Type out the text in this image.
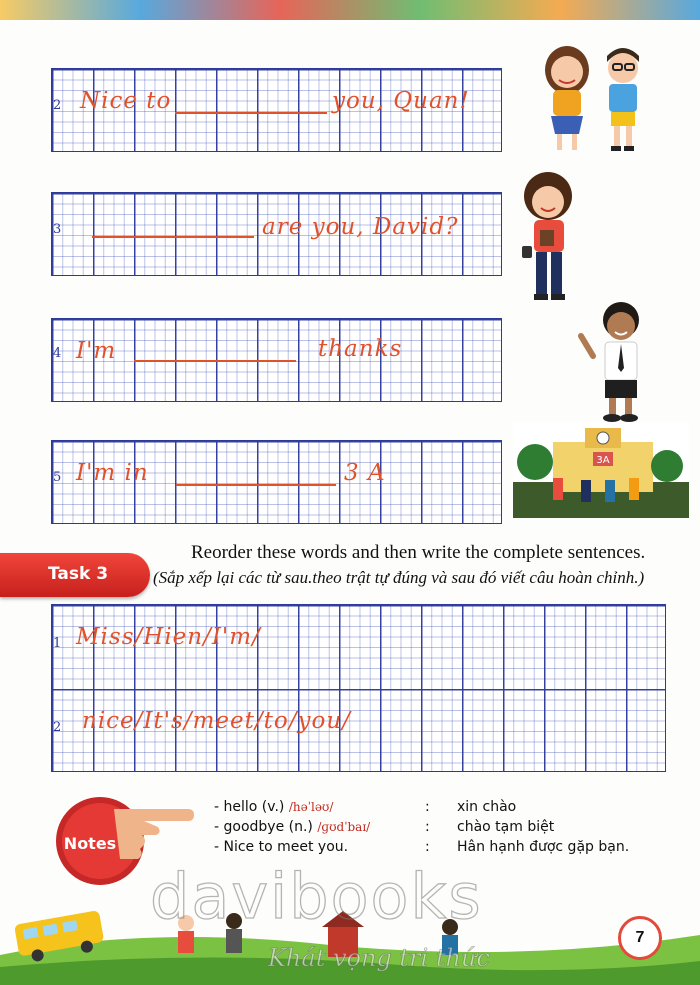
2 Nice to	you, Quan!
3	are you, David?
4 I'm	thanks
5 I'm in	3 A	3A
Task 3
Reorder these words and then write the complete sentences.
(Sắp xếp lại các từ sau.theo trật tự đúng và sau đó viết câu hoàn chỉnh.)
1 Miss/Hien/I'm/
2 nice/It's/meet/to/you/
Notes
- hello (v.) /həˈləʊ/	: xin chào
- goodbye (n.) /ɡʊdˈbaɪ/	: chào tạm biệt
- Nice to meet you.	: Hân hạnh được gặp bạn.
davibooks
Khát vọng tri thức
7
